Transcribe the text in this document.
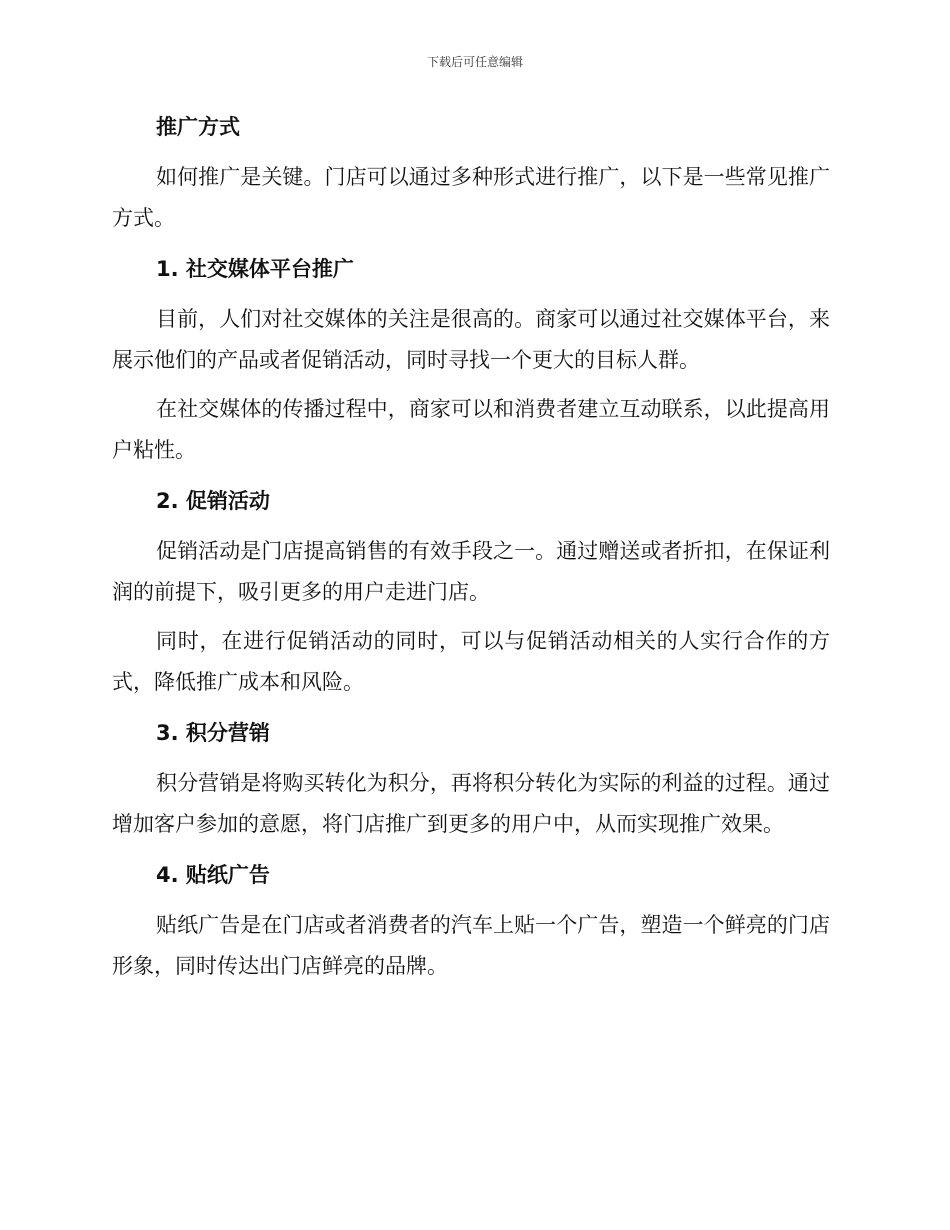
下载后可任意编辑
推广方式

如何推广是关键。门店可以通过多种形式进行推广，以下是一些常见推广方式。

1. 社交媒体平台推广

目前，人们对社交媒体的关注是很高的。商家可以通过社交媒体平台，来展示他们的产品或者促销活动，同时寻找一个更大的目标人群。

在社交媒体的传播过程中，商家可以和消费者建立互动联系，以此提高用户粘性。

2. 促销活动

促销活动是门店提高销售的有效手段之一。通过赠送或者折扣，在保证利润的前提下，吸引更多的用户走进门店。

同时，在进行促销活动的同时，可以与促销活动相关的人实行合作的方式，降低推广成本和风险。

3. 积分营销

积分营销是将购买转化为积分，再将积分转化为实际的利益的过程。通过增加客户参加的意愿，将门店推广到更多的用户中，从而实现推广效果。

4. 贴纸广告

贴纸广告是在门店或者消费者的汽车上贴一个广告，塑造一个鲜亮的门店形象，同时传达出门店鲜亮的品牌。
